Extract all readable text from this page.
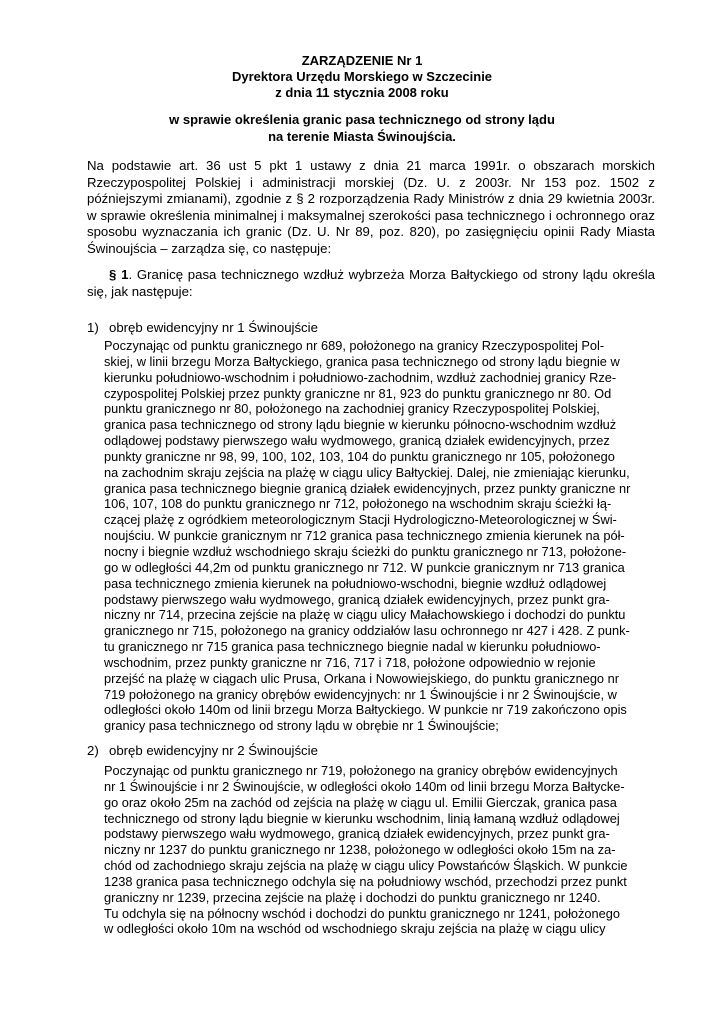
ZARZĄDZENIE Nr 1
Dyrektora Urzędu Morskiego w Szczecinie
z dnia 11 stycznia 2008 roku
w sprawie określenia granic pasa technicznego od strony lądu
na terenie Miasta Świnoujścia.
Na podstawie art. 36 ust 5 pkt 1 ustawy z dnia 21 marca 1991r. o obszarach morskich Rzeczypospolitej Polskiej i administracji morskiej (Dz. U. z 2003r. Nr 153 poz. 1502 z późniejszymi zmianami), zgodnie z § 2 rozporządzenia Rady Ministrów z dnia 29 kwietnia 2003r. w sprawie określenia minimalnej i maksymalnej szerokości pasa technicznego i ochronnego oraz sposobu wyznaczania ich granic (Dz. U. Nr 89, poz. 820), po zasięgnięciu opinii Rady Miasta Świnoujścia – zarządza się, co następuje:
§ 1. Granicę pasa technicznego wzdłuż wybrzeża Morza Bałtyckiego od strony lądu określa się, jak następuje:
1) obręb ewidencyjny nr 1 Świnoujście
Poczynając od punktu granicznego nr 689, położonego na granicy Rzeczypospolitej Pol-
skiej, w linii brzegu Morza Bałtyckiego, granica pasa technicznego od strony lądu biegnie w
kierunku południowo-wschodnim i południowo-zachodnim, wzdłuż zachodniej granicy Rze-
czypospolitej Polskiej przez punkty graniczne nr 81, 923 do punktu granicznego nr 80. Od
punktu granicznego nr 80, położonego na zachodniej granicy Rzeczypospolitej Polskiej,
granica pasa technicznego od strony lądu biegnie w kierunku północno-wschodnim wzdłuż
odlądowej podstawy pierwszego wału wydmowego, granicą działek ewidencyjnych, przez
punkty graniczne nr 98, 99, 100, 102, 103, 104 do punktu granicznego nr 105, położonego
na zachodnim skraju zejścia na plażę w ciągu ulicy Bałtyckiej. Dalej, nie zmieniając kierunku,
granica pasa technicznego biegnie granicą działek ewidencyjnych, przez punkty graniczne nr
106, 107, 108 do punktu granicznego nr 712, położonego na wschodnim skraju ścieżki łą-
czącej plażę z ogródkiem meteorologicznym Stacji Hydrologiczno-Meteorologicznej w Świ-
noujściu. W punkcie granicznym nr 712 granica pasa technicznego zmienia kierunek na pół-
nocny i biegnie wzdłuż wschodniego skraju ścieżki do punktu granicznego nr 713, położone-
go w odległości 44,2m od punktu granicznego nr 712. W punkcie granicznym nr 713 granica
pasa technicznego zmienia kierunek na południowo-wschodni, biegnie wzdłuż odlądowej
podstawy pierwszego wału wydmowego, granicą działek ewidencyjnych, przez punkt gra-
niczny nr 714, przecina zejście na plażę w ciągu ulicy Małachowskiego i dochodzi do punktu
granicznego nr 715, położonego na granicy oddziałów lasu ochronnego nr 427 i 428. Z punk-
tu granicznego nr 715 granica pasa technicznego biegnie nadal w kierunku południowo-
wschodnim, przez punkty graniczne nr 716, 717 i 718, położone odpowiednio w rejonie
przejść na plażę w ciągach ulic Prusa, Orkana i Nowowiejskiego, do punktu granicznego nr
719 położonego na granicy obrębów ewidencyjnych: nr 1 Świnoujście i nr 2 Świnoujście, w
odległości około 140m od linii brzegu Morza Bałtyckiego. W punkcie nr 719 zakończono opis
granicy pasa technicznego od strony lądu w obrębie nr 1 Świnoujście;
2) obręb ewidencyjny nr 2 Świnoujście
Poczynając od punktu granicznego nr 719, położonego na granicy obrębów ewidencyjnych
nr 1 Świnoujście i nr 2 Świnoujście, w odległości około 140m od linii brzegu Morza Bałtycke-
go oraz około 25m na zachód od zejścia na plażę w ciągu ul. Emilii Gierczak, granica pasa
technicznego od strony lądu biegnie w kierunku wschodnim, linią łamaną wzdłuż odlądowej
podstawy pierwszego wału wydmowego, granicą działek ewidencyjnych, przez punkt gra-
niczny nr 1237 do punktu granicznego nr 1238, położonego w odległości około 15m na za-
chód od zachodniego skraju zejścia na plażę w ciągu ulicy Powstańców Śląskich. W punkcie
1238 granica pasa technicznego odchyla się na południowy wschód, przechodzi przez punkt
graniczny nr 1239, przecina zejście na plażę i dochodzi do punktu granicznego nr 1240.
Tu odchyla się na północny wschód i dochodzi do punktu granicznego nr 1241, położonego
w odległości około 10m na wschód od wschodniego skraju zejścia na plażę w ciągu ulicy
